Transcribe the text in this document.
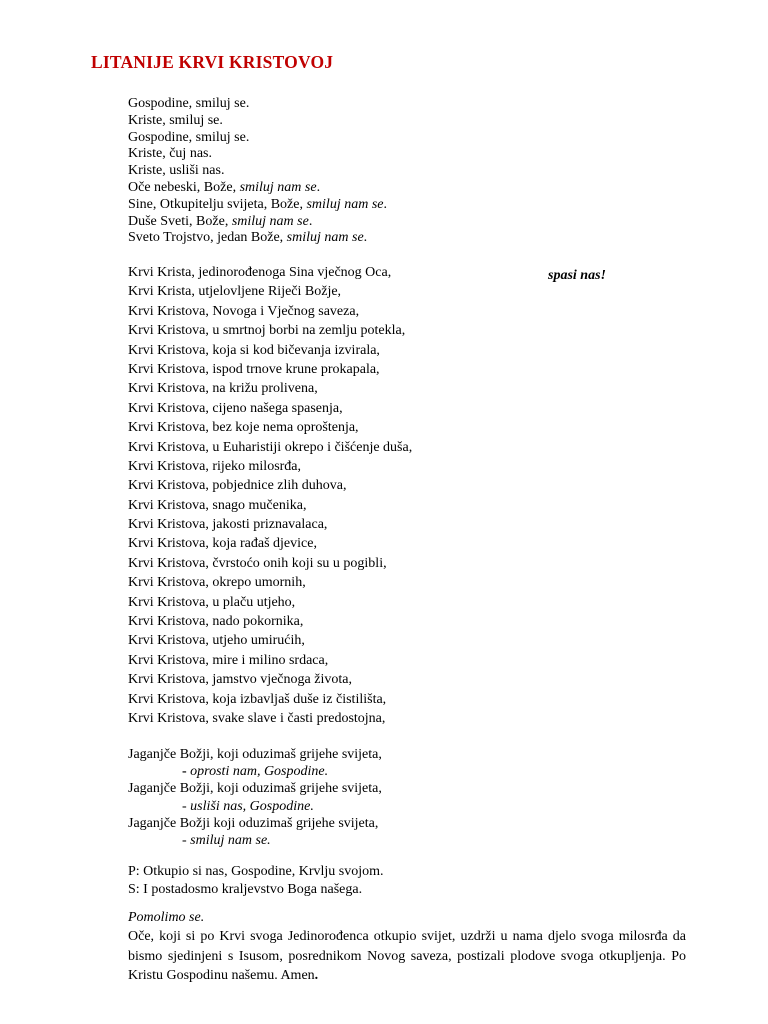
LITANIJE KRVI KRISTOVOJ
Gospodine, smiluj se.
Kriste, smiluj se.
Gospodine, smiluj se.
Kriste, čuj nas.
Kriste, usliši nas.
Oče nebeski, Bože, smiluj nam se.
Sine, Otkupitelju svijeta, Bože, smiluj nam se.
Duše Sveti, Bože, smiluj nam se.
Sveto Trojstvo, jedan Bože, smiluj nam se.
Krvi Krista, jedinorođenoga Sina vječnog Oca,
Krvi Krista, utjelovljene Riječi Božje,
Krvi Kristova, Novoga i Vječnog saveza,
Krvi Kristova, u smrtnoj borbi na zemlju potekla,
Krvi Kristova, koja si kod bičevanja izvirala,
Krvi Kristova, ispod trnove krune prokapala,
Krvi Kristova, na križu prolivena,
Krvi Kristova, cijeno našega spasenja,
Krvi Kristova, bez koje nema oproštenja,
Krvi Kristova, u Euharistiji okrepo i čišćenje duša,
Krvi Kristova, rijeko milosrđa,
Krvi Kristova, pobjednice zlih duhova,
Krvi Kristova, snago mučenika,
Krvi Kristova, jakosti priznavalaca,
Krvi Kristova, koja rađaš djevice,
Krvi Kristova, čvrstoćo onih koji su u pogibli,
Krvi Kristova, okrepo umornih,
Krvi Kristova, u plaču utjeho,
Krvi Kristova, nado pokornika,
Krvi Kristova, utjeho umirućih,
Krvi Kristova, mire i milino srdaca,
Krvi Kristova, jamstvo vječnoga života,
Krvi Kristova, koja izbavljaš duše iz čistilišta,
Krvi Kristova, svake slave i časti predostojna,
spasi nas!
Jaganjče Božji, koji oduzimaš grijehe svijeta,
- oprosti nam, Gospodine.
Jaganjče Božji, koji oduzimaš grijehe svijeta,
- usliši nas, Gospodine.
Jaganjče Božji koji oduzimaš grijehe svijeta,
- smiluj nam se.
P: Otkupio si nas, Gospodine, Krvlju svojom.
S: I postadosmo kraljevstvo Boga našega.
Pomolimo se.
Oče, koji si po Krvi svoga Jedinorođenca otkupio svijet, uzdrži u nama djelo svoga milosrđa da bismo sjedinjeni s Isusom, posrednikom Novog saveza, postizali plodove svoga otkupljenja. Po Kristu Gospodinu našemu. Amen.
